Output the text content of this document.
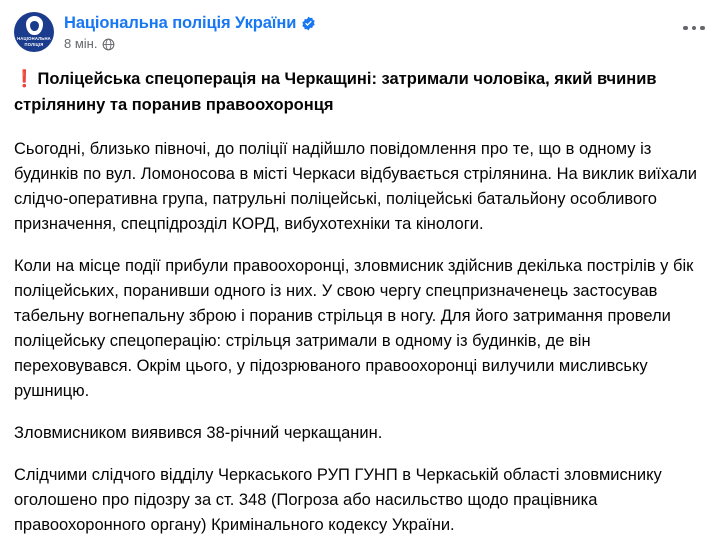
НАЦІОНАЛЬНА
ПОЛІЦІЯ
Національна поліція України
8 мін.

❗ Поліцейська спецоперація на Черкащині: затримали чоловіка, який вчинив стрілянину та поранив правоохоронця

Сьогодні, близько півночі, до поліції надійшло повідомлення про те, що в одному із будинків по вул. Ломоносова в місті Черкаси відбувається стрілянина. На виклик виїхали слідчо-оперативна група, патрульні поліцейські, поліцейські батальйону особливого призначення, спецпідрозділ КОРД, вибухотехніки та кінологи.

Коли на місце події прибули правоохоронці, зловмисник здійснив декілька пострілів у бік поліцейських, поранивши одного із них. У свою чергу спецпризначенець застосував табельну вогнепальну зброю і поранив стрільця в ногу. Для його затримання провели поліцейську спецоперацію: стрільця затримали в одному із будинків, де він переховувався. Окрім цього, у підозрюваного правоохоронці вилучили мисливську рушницю.

Зловмисником виявився 38-річний черкащанин.

Слідчими слідчого відділу Черкаського РУП ГУНП в Черкаській області зловмиснику оголошено про підозру за ст. 348 (Погроза або насильство щодо працівника правоохоронного органу) Кримінального кодексу України.
